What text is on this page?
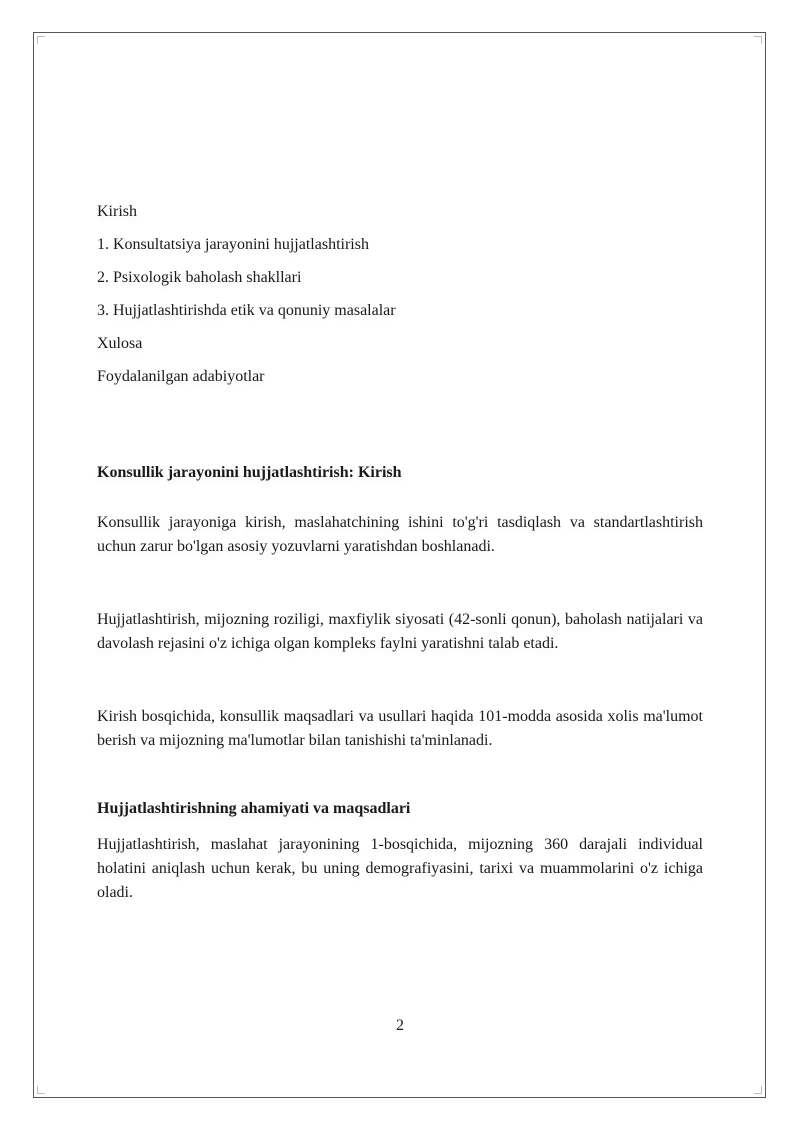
Kirish
1. Konsultatsiya jarayonini hujjatlashtirish
2. Psixologik baholash shakllari
3. Hujjatlashtirishda etik va qonuniy masalalar
Xulosa
Foydalanilgan adabiyotlar

Konsullik jarayonini hujjatlashtirish: Kirish

Konsullik jarayoniga kirish, maslahatchining ishini to'g'ri tasdiqlash va standartlashtirish uchun zarur bo'lgan asosiy yozuvlarni yaratishdan boshlanadi.

Hujjatlashtirish, mijozning roziligi, maxfiylik siyosati (42-sonli qonun), baholash natijalari va davolash rejasini o'z ichiga olgan kompleks faylni yaratishni talab etadi.

Kirish bosqichida, konsullik maqsadlari va usullari haqida 101-modda asosida xolis ma'lumot berish va mijozning ma'lumotlar bilan tanishishi ta'minlanadi.

Hujjatlashtirishning ahamiyati va maqsadlari

Hujjatlashtirish, maslahat jarayonining 1-bosqichida, mijozning 360 darajali individual holatini aniqlash uchun kerak, bu uning demografiyasini, tarixi va muammolarini o'z ichiga oladi.

2
